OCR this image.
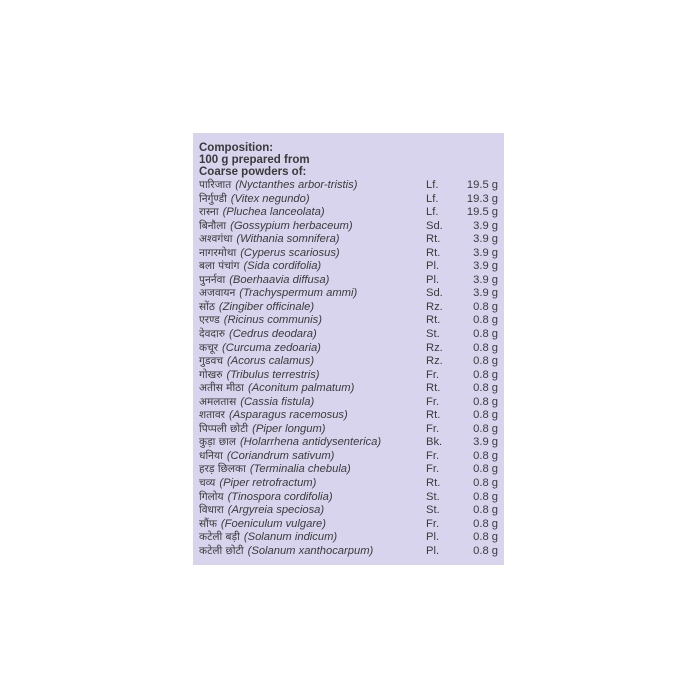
Composition:
100 g prepared from
Coarse powders of:
पारिजात (Nyctanthes arbor-tristis)	Lf.	19.5 g
निर्गुण्डी (Vitex negundo)	Lf.	19.3 g
रास्ना (Pluchea lanceolata)	Lf.	19.5 g
बिनौला (Gossypium herbaceum)	Sd.	3.9 g
अश्वगंधा (Withania somnifera)	Rt.	3.9 g
नागरमोथा (Cyperus scariosus)	Rt.	3.9 g
बला पंचांग (Sida cordifolia)	Pl.	3.9 g
पुनर्नवा (Boerhaavia diffusa)	Pl.	3.9 g
अजवायन (Trachyspermum ammi)	Sd.	3.9 g
सोंठ (Zingiber officinale)	Rz.	0.8 g
एरण्ड (Ricinus communis)	Rt.	0.8 g
देवदारु (Cedrus deodara)	St.	0.8 g
कचूर (Curcuma zedoaria)	Rz.	0.8 g
गुडवच (Acorus calamus)	Rz.	0.8 g
गोखरु (Tribulus terrestris)	Fr.	0.8 g
अतीस मीठा (Aconitum palmatum)	Rt.	0.8 g
अमलतास (Cassia fistula)	Fr.	0.8 g
शतावर (Asparagus racemosus)	Rt.	0.8 g
पिप्पली छोटी (Piper longum)	Fr.	0.8 g
कुड़ा छाल (Holarrhena antidysenterica)	Bk.	3.9 g
धनिया (Coriandrum sativum)	Fr.	0.8 g
हरड़ छिलका (Terminalia chebula)	Fr.	0.8 g
चव्य (Piper retrofractum)	Rt.	0.8 g
गिलोय (Tinospora cordifolia)	St.	0.8 g
विधारा (Argyreia speciosa)	St.	0.8 g
सौंफ (Foeniculum vulgare)	Fr.	0.8 g
कटेली बड़ी (Solanum indicum)	Pl.	0.8 g
कटेली छोटी (Solanum xanthocarpum)	Pl.	0.8 g
